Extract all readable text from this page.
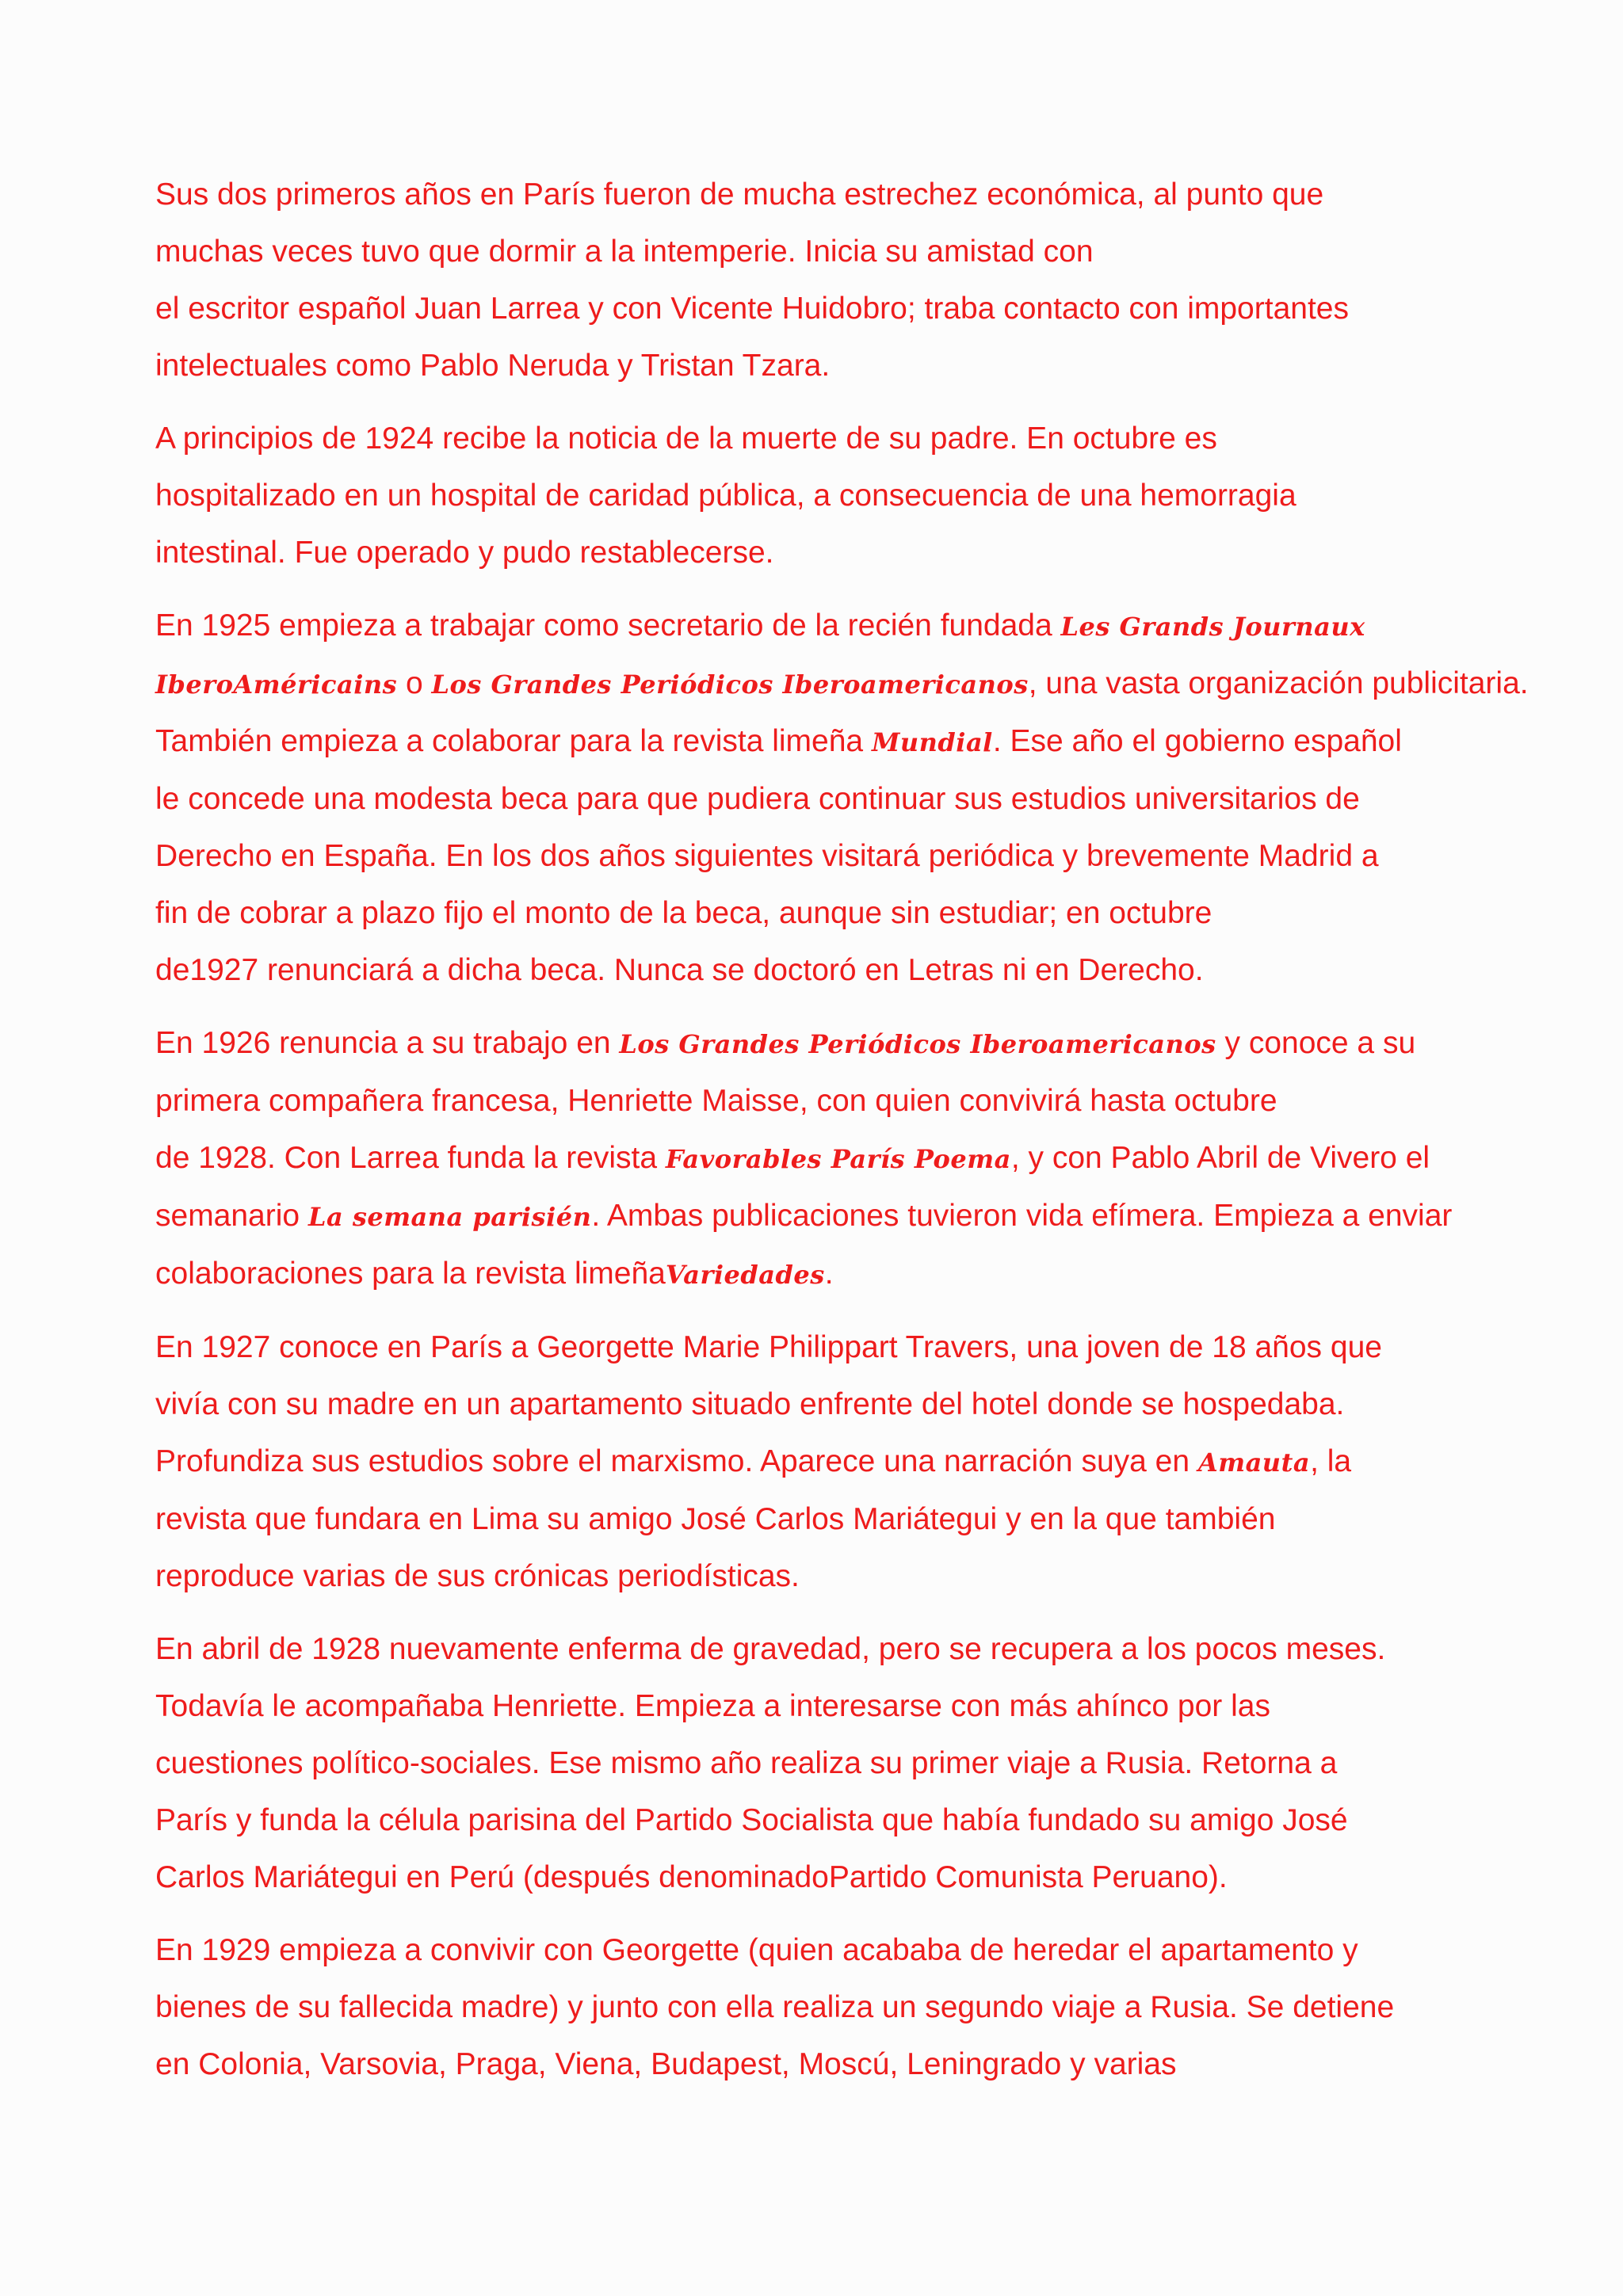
Sus dos primeros años en París fueron de mucha estrechez económica, al punto que
muchas veces tuvo que dormir a la intemperie. Inicia su amistad con
el escritor español Juan Larrea y con Vicente Huidobro; traba contacto con importantes
intelectuales como Pablo Neruda y Tristan Tzara.
A principios de 1924 recibe la noticia de la muerte de su padre. En octubre es
hospitalizado en un hospital de caridad pública, a consecuencia de una hemorragia
intestinal. Fue operado y pudo restablecerse.
En 1925 empieza a trabajar como secretario de la recién fundada Les Grands Journaux
IberoAméricains o Los Grandes Periódicos Iberoamericanos, una vasta organización publicitaria.
También empieza a colaborar para la revista limeña Mundial. Ese año el gobierno español
le concede una modesta beca para que pudiera continuar sus estudios universitarios de
Derecho en España. En los dos años siguientes visitará periódica y brevemente Madrid a
fin de cobrar a plazo fijo el monto de la beca, aunque sin estudiar; en octubre
de1927 renunciará a dicha beca. Nunca se doctoró en Letras ni en Derecho.
En 1926 renuncia a su trabajo en Los Grandes Periódicos Iberoamericanos y conoce a su
primera compañera francesa, Henriette Maisse, con quien convivirá hasta octubre
de 1928. Con Larrea funda la revista Favorables París Poema, y con Pablo Abril de Vivero el
semanario La semana parisién. Ambas publicaciones tuvieron vida efímera. Empieza a enviar
colaboraciones para la revista limeñaVariedades.
En 1927 conoce en París a Georgette Marie Philippart Travers, una joven de 18 años que
vivía con su madre en un apartamento situado enfrente del hotel donde se hospedaba.
Profundiza sus estudios sobre el marxismo. Aparece una narración suya en Amauta, la
revista que fundara en Lima su amigo José Carlos Mariátegui y en la que también
reproduce varias de sus crónicas periodísticas.
En abril de 1928 nuevamente enferma de gravedad, pero se recupera a los pocos meses.
Todavía le acompañaba Henriette. Empieza a interesarse con más ahínco por las
cuestiones político-sociales. Ese mismo año realiza su primer viaje a Rusia. Retorna a
París y funda la célula parisina del Partido Socialista que había fundado su amigo José
Carlos Mariátegui en Perú (después denominadoPartido Comunista Peruano).
En 1929 empieza a convivir con Georgette (quien acababa de heredar el apartamento y
bienes de su fallecida madre) y junto con ella realiza un segundo viaje a Rusia. Se detiene
en Colonia, Varsovia, Praga, Viena, Budapest, Moscú, Leningrado y varias
